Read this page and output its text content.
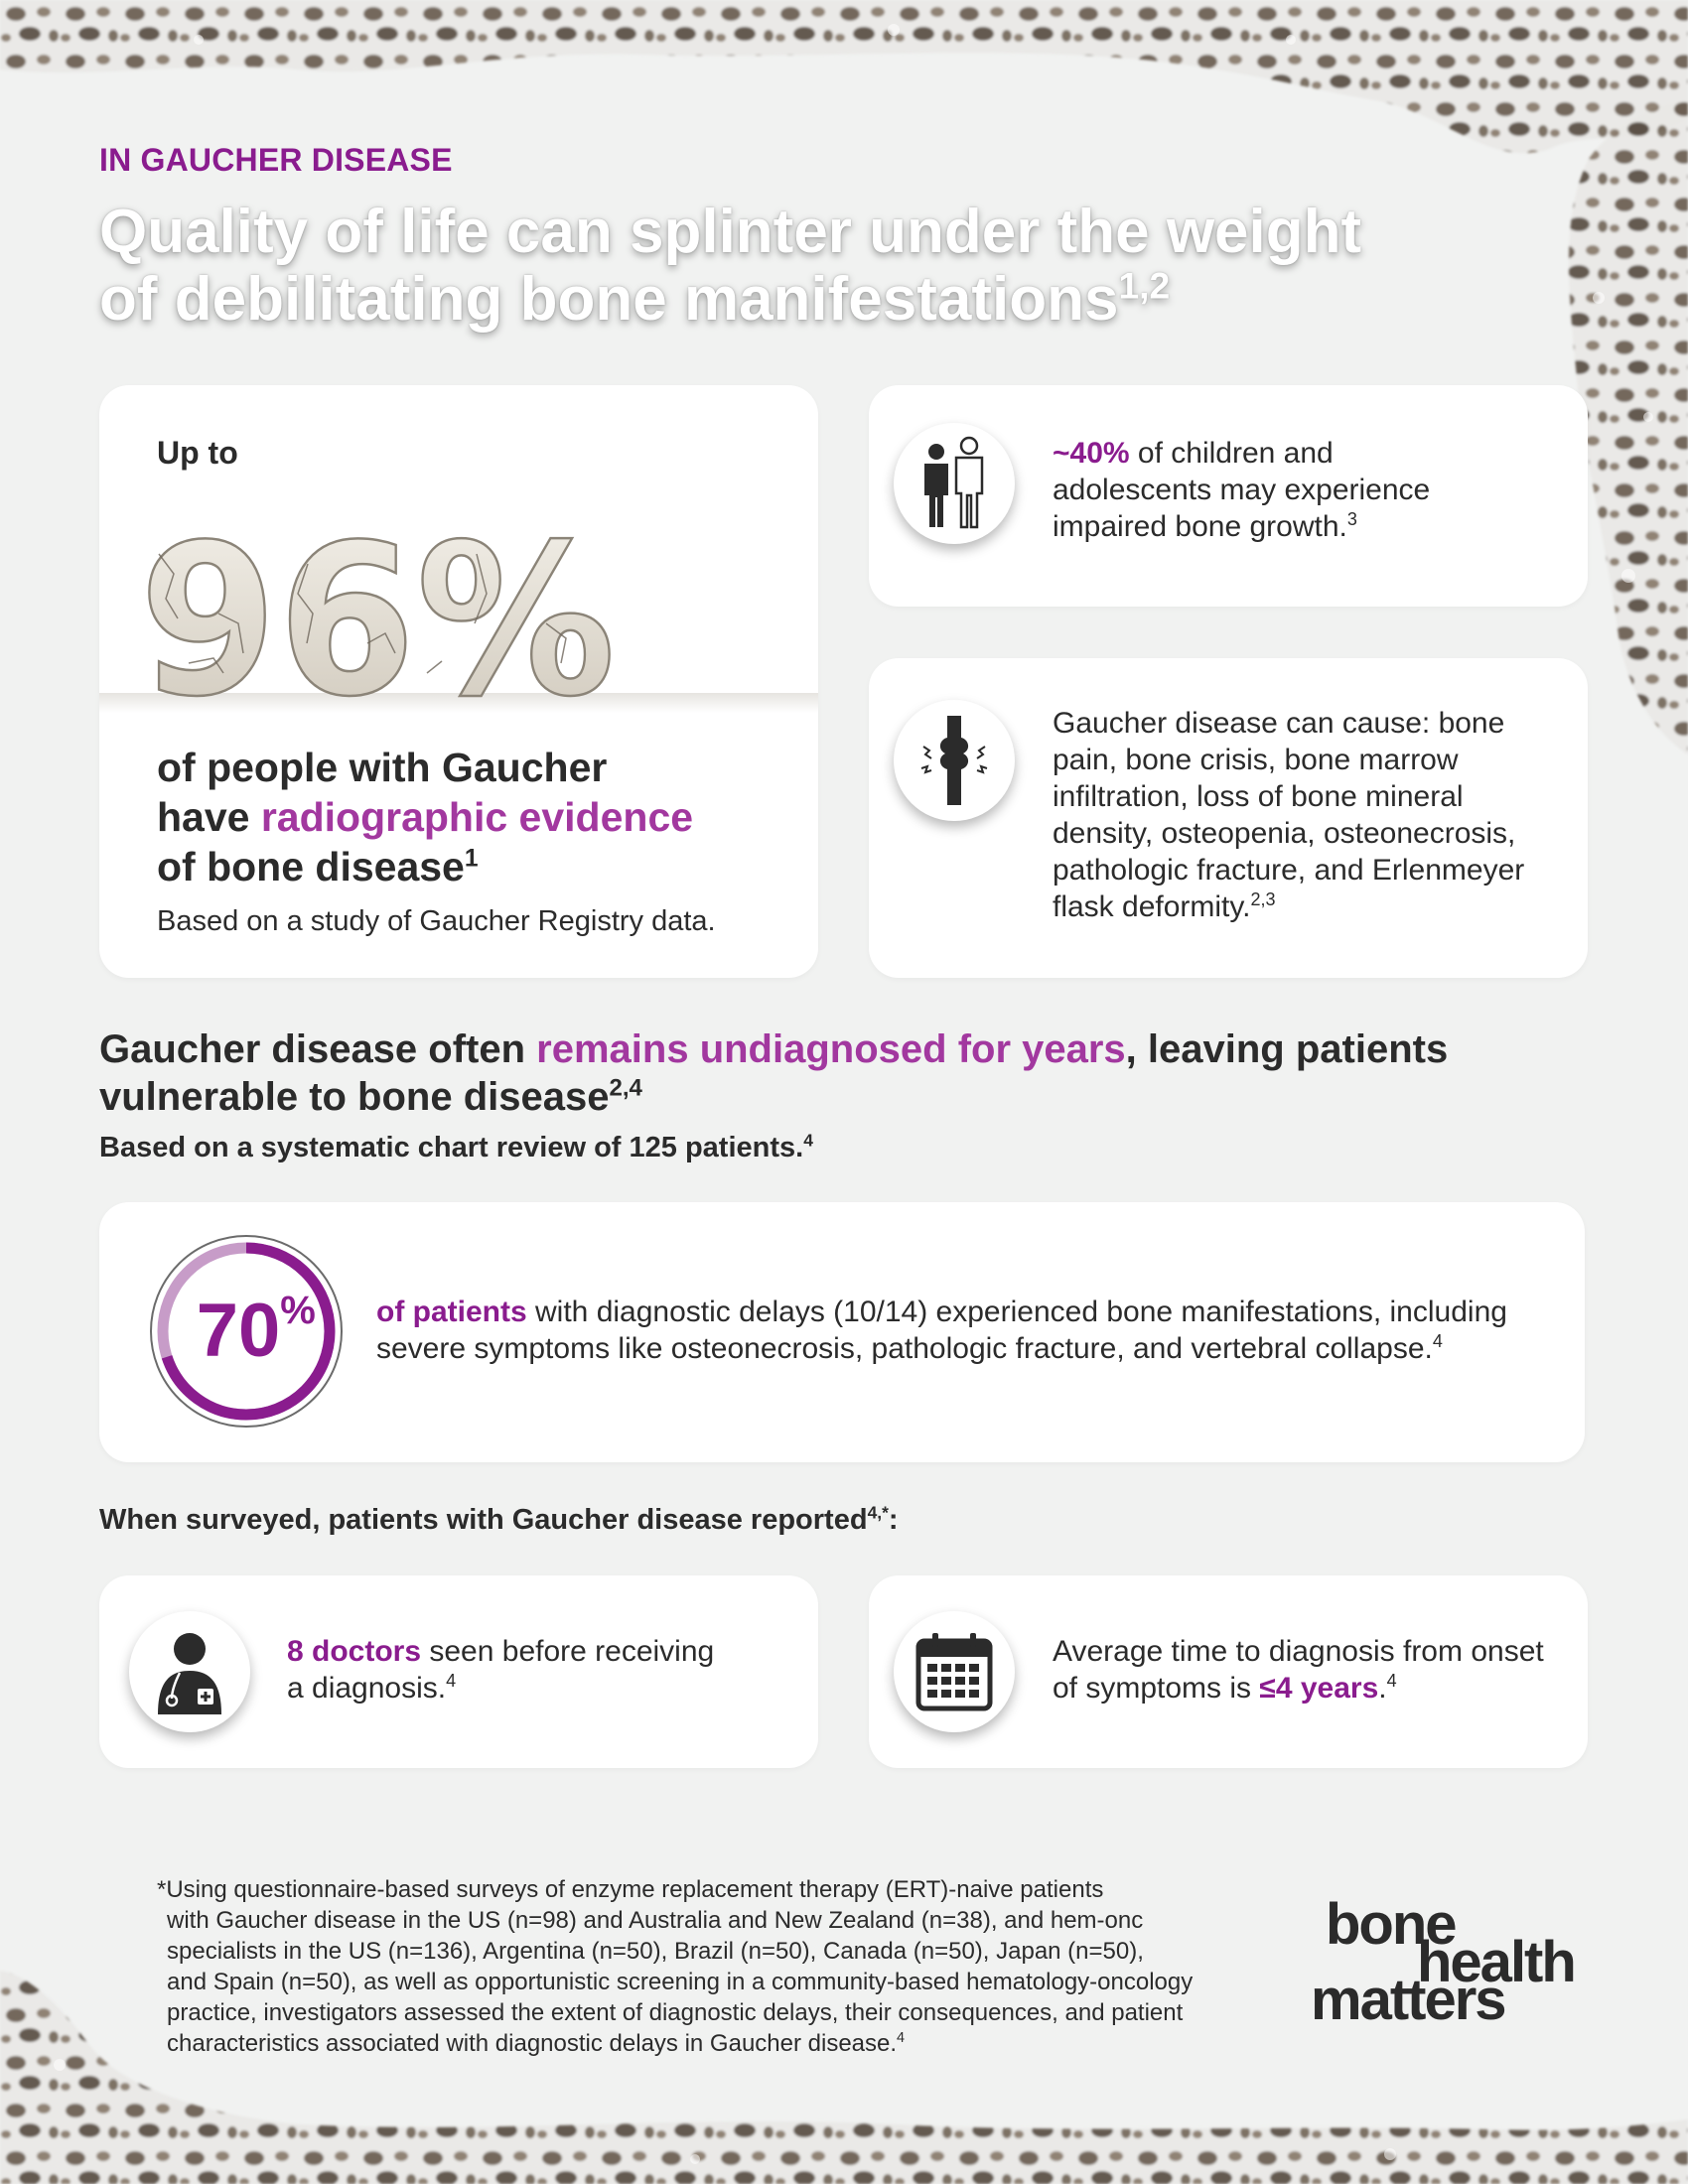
IN GAUCHER DISEASE
Quality of life can splinter under the weight
of debilitating bone manifestations$^{1,2}$
Up to
96%
of people with Gaucher
have radiographic evidence
of bone disease$^1$
Based on a study of Gaucher Registry data.
~40% of children and
adolescents may experience
impaired bone growth.$^3$
Gaucher disease can cause: bone
pain, bone crisis, bone marrow
infiltration, loss of bone mineral
density, osteopenia, osteonecrosis,
pathologic fracture, and Erlenmeyer
flask deformity.$^{2,3}$
Gaucher disease often remains undiagnosed for years, leaving patients
vulnerable to bone disease$^{2,4}$
Based on a systematic chart review of 125 patients.$^4$
70 % of patients with diagnostic delays (10/14) experienced bone manifestations, including
severe symptoms like osteonecrosis, pathologic fracture, and vertebral collapse.$^4$
When surveyed, patients with Gaucher disease reported$^{4,*}$:
8 doctors seen before receiving
a diagnosis.$^4$
Average time to diagnosis from onset
of symptoms is ≤4 years.$^4$
*Using questionnaire-based surveys of enzyme replacement therapy (ERT)-naive patients
with Gaucher disease in the US (n=98) and Australia and New Zealand (n=38), and hem-onc
specialists in the US (n=136), Argentina (n=50), Brazil (n=50), Canada (n=50), Japan (n=50),
and Spain (n=50), as well as opportunistic screening in a community-based hematology-oncology
practice, investigators assessed the extent of diagnostic delays, their consequences, and patient
characteristics associated with diagnostic delays in Gaucher disease.$^4$
bone
health
matters
